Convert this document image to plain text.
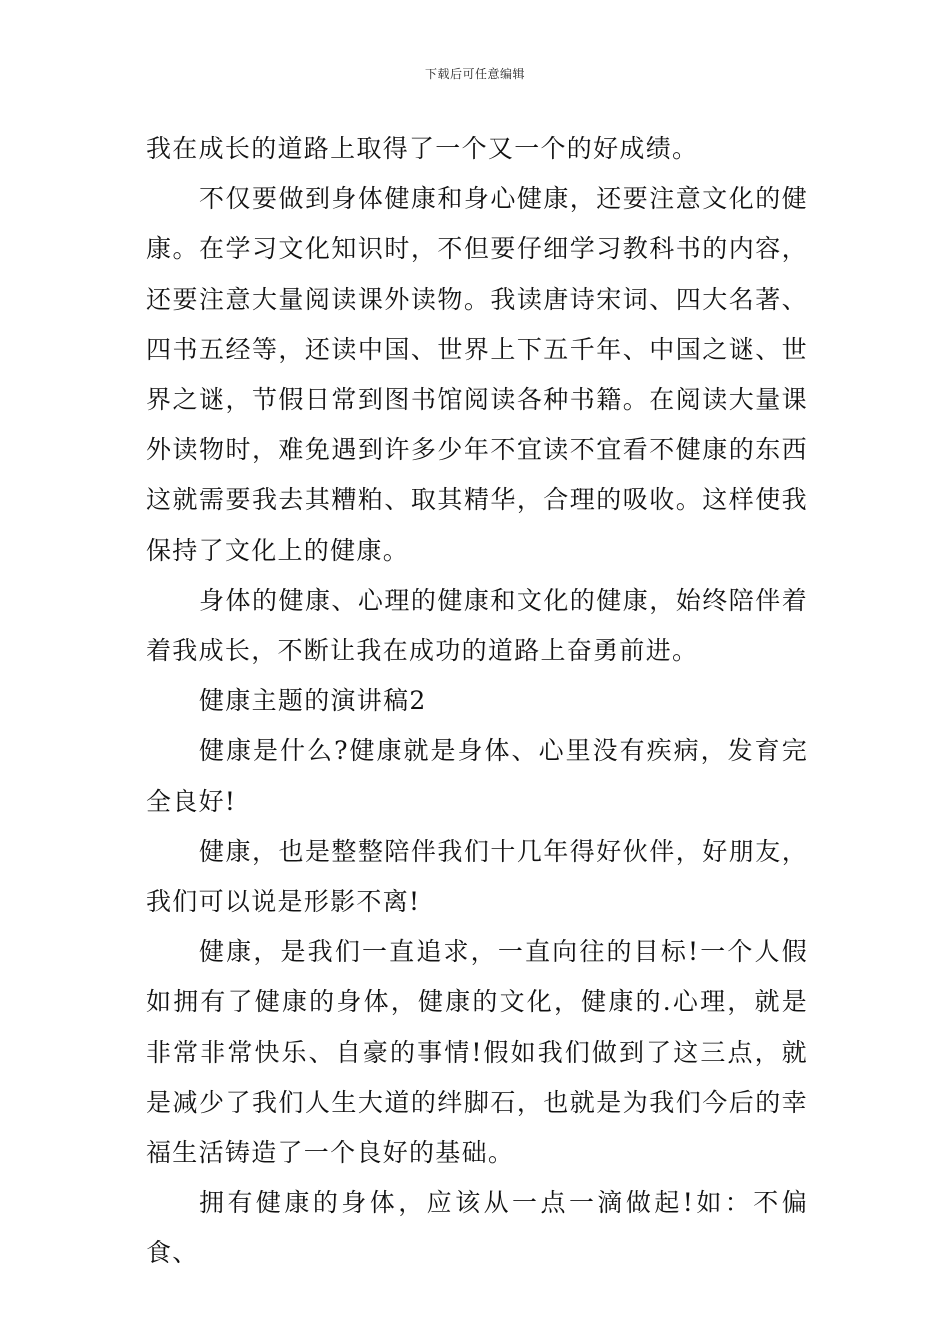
下载后可任意编辑

我在成长的道路上取得了一个又一个的好成绩。

不仅要做到身体健康和身心健康，还要注意文化的健康。在学习文化知识时，不但要仔细学习教科书的内容，还要注意大量阅读课外读物。我读唐诗宋词、四大名著、四书五经等，还读中国、世界上下五千年、中国之谜、世界之谜，节假日常到图书馆阅读各种书籍。在阅读大量课外读物时，难免遇到许多少年不宜读不宜看不健康的东西这就需要我去其糟粕、取其精华，合理的吸收。这样使我保持了文化上的健康。

身体的健康、心理的健康和文化的健康，始终陪伴着着我成长，不断让我在成功的道路上奋勇前进。

健康主题的演讲稿2

健康是什么?健康就是身体、心里没有疾病，发育完全良好!

健康，也是整整陪伴我们十几年得好伙伴，好朋友，我们可以说是形影不离!

健康，是我们一直追求，一直向往的目标!一个人假如拥有了健康的身体，健康的文化，健康的.心理，就是非常非常快乐、自豪的事情!假如我们做到了这三点，就是减少了我们人生大道的绊脚石，也就是为我们今后的幸福生活铸造了一个良好的基础。

拥有健康的身体，应该从一点一滴做起!如：不偏食、
